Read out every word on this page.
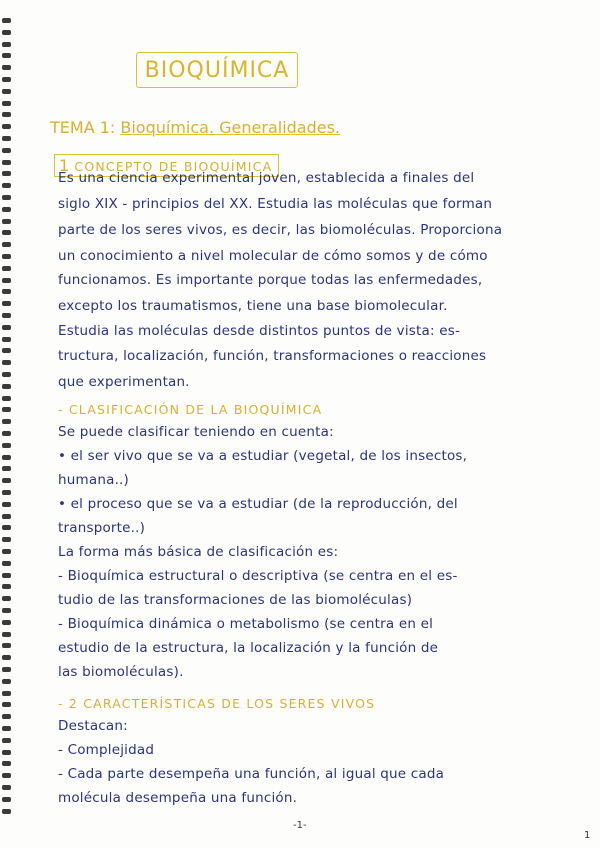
BIOQUÍMICA
TEMA 1: Bioquímica. Generalidades.
1 CONCEPTO DE BIOQUÍMICA
Es una ciencia experimental joven, establecida a finales del
siglo XIX - principios del XX. Estudia las moléculas que forman
parte de los seres vivos, es decir, las biomoléculas. Proporciona
un conocimiento a nivel molecular de cómo somos y de cómo
funcionamos. Es importante porque todas las enfermedades,
excepto los traumatismos, tiene una base biomolecular.
Estudia las moléculas desde distintos puntos de vista: es-
tructura, localización, función, transformaciones o reacciones
que experimentan.
- CLASIFICACIÓN DE LA BIOQUÍMICA
Se puede clasificar teniendo en cuenta:
• el ser vivo que se va a estudiar (vegetal, de los insectos,
humana..)
• el proceso que se va a estudiar (de la reproducción, del
transporte..)
La forma más básica de clasificación es:
- Bioquímica estructural o descriptiva (se centra en el es-
tudio de las transformaciones de las biomoléculas)
- Bioquímica dinámica o metabolismo (se centra en el
estudio de la estructura, la localización y la función de
las biomoléculas).
- 2 CARACTERÍSTICAS DE LOS SERES VIVOS
Destacan:
- Complejidad
- Cada parte desempeña una función, al igual que cada
molécula desempeña una función.
-1-
1
